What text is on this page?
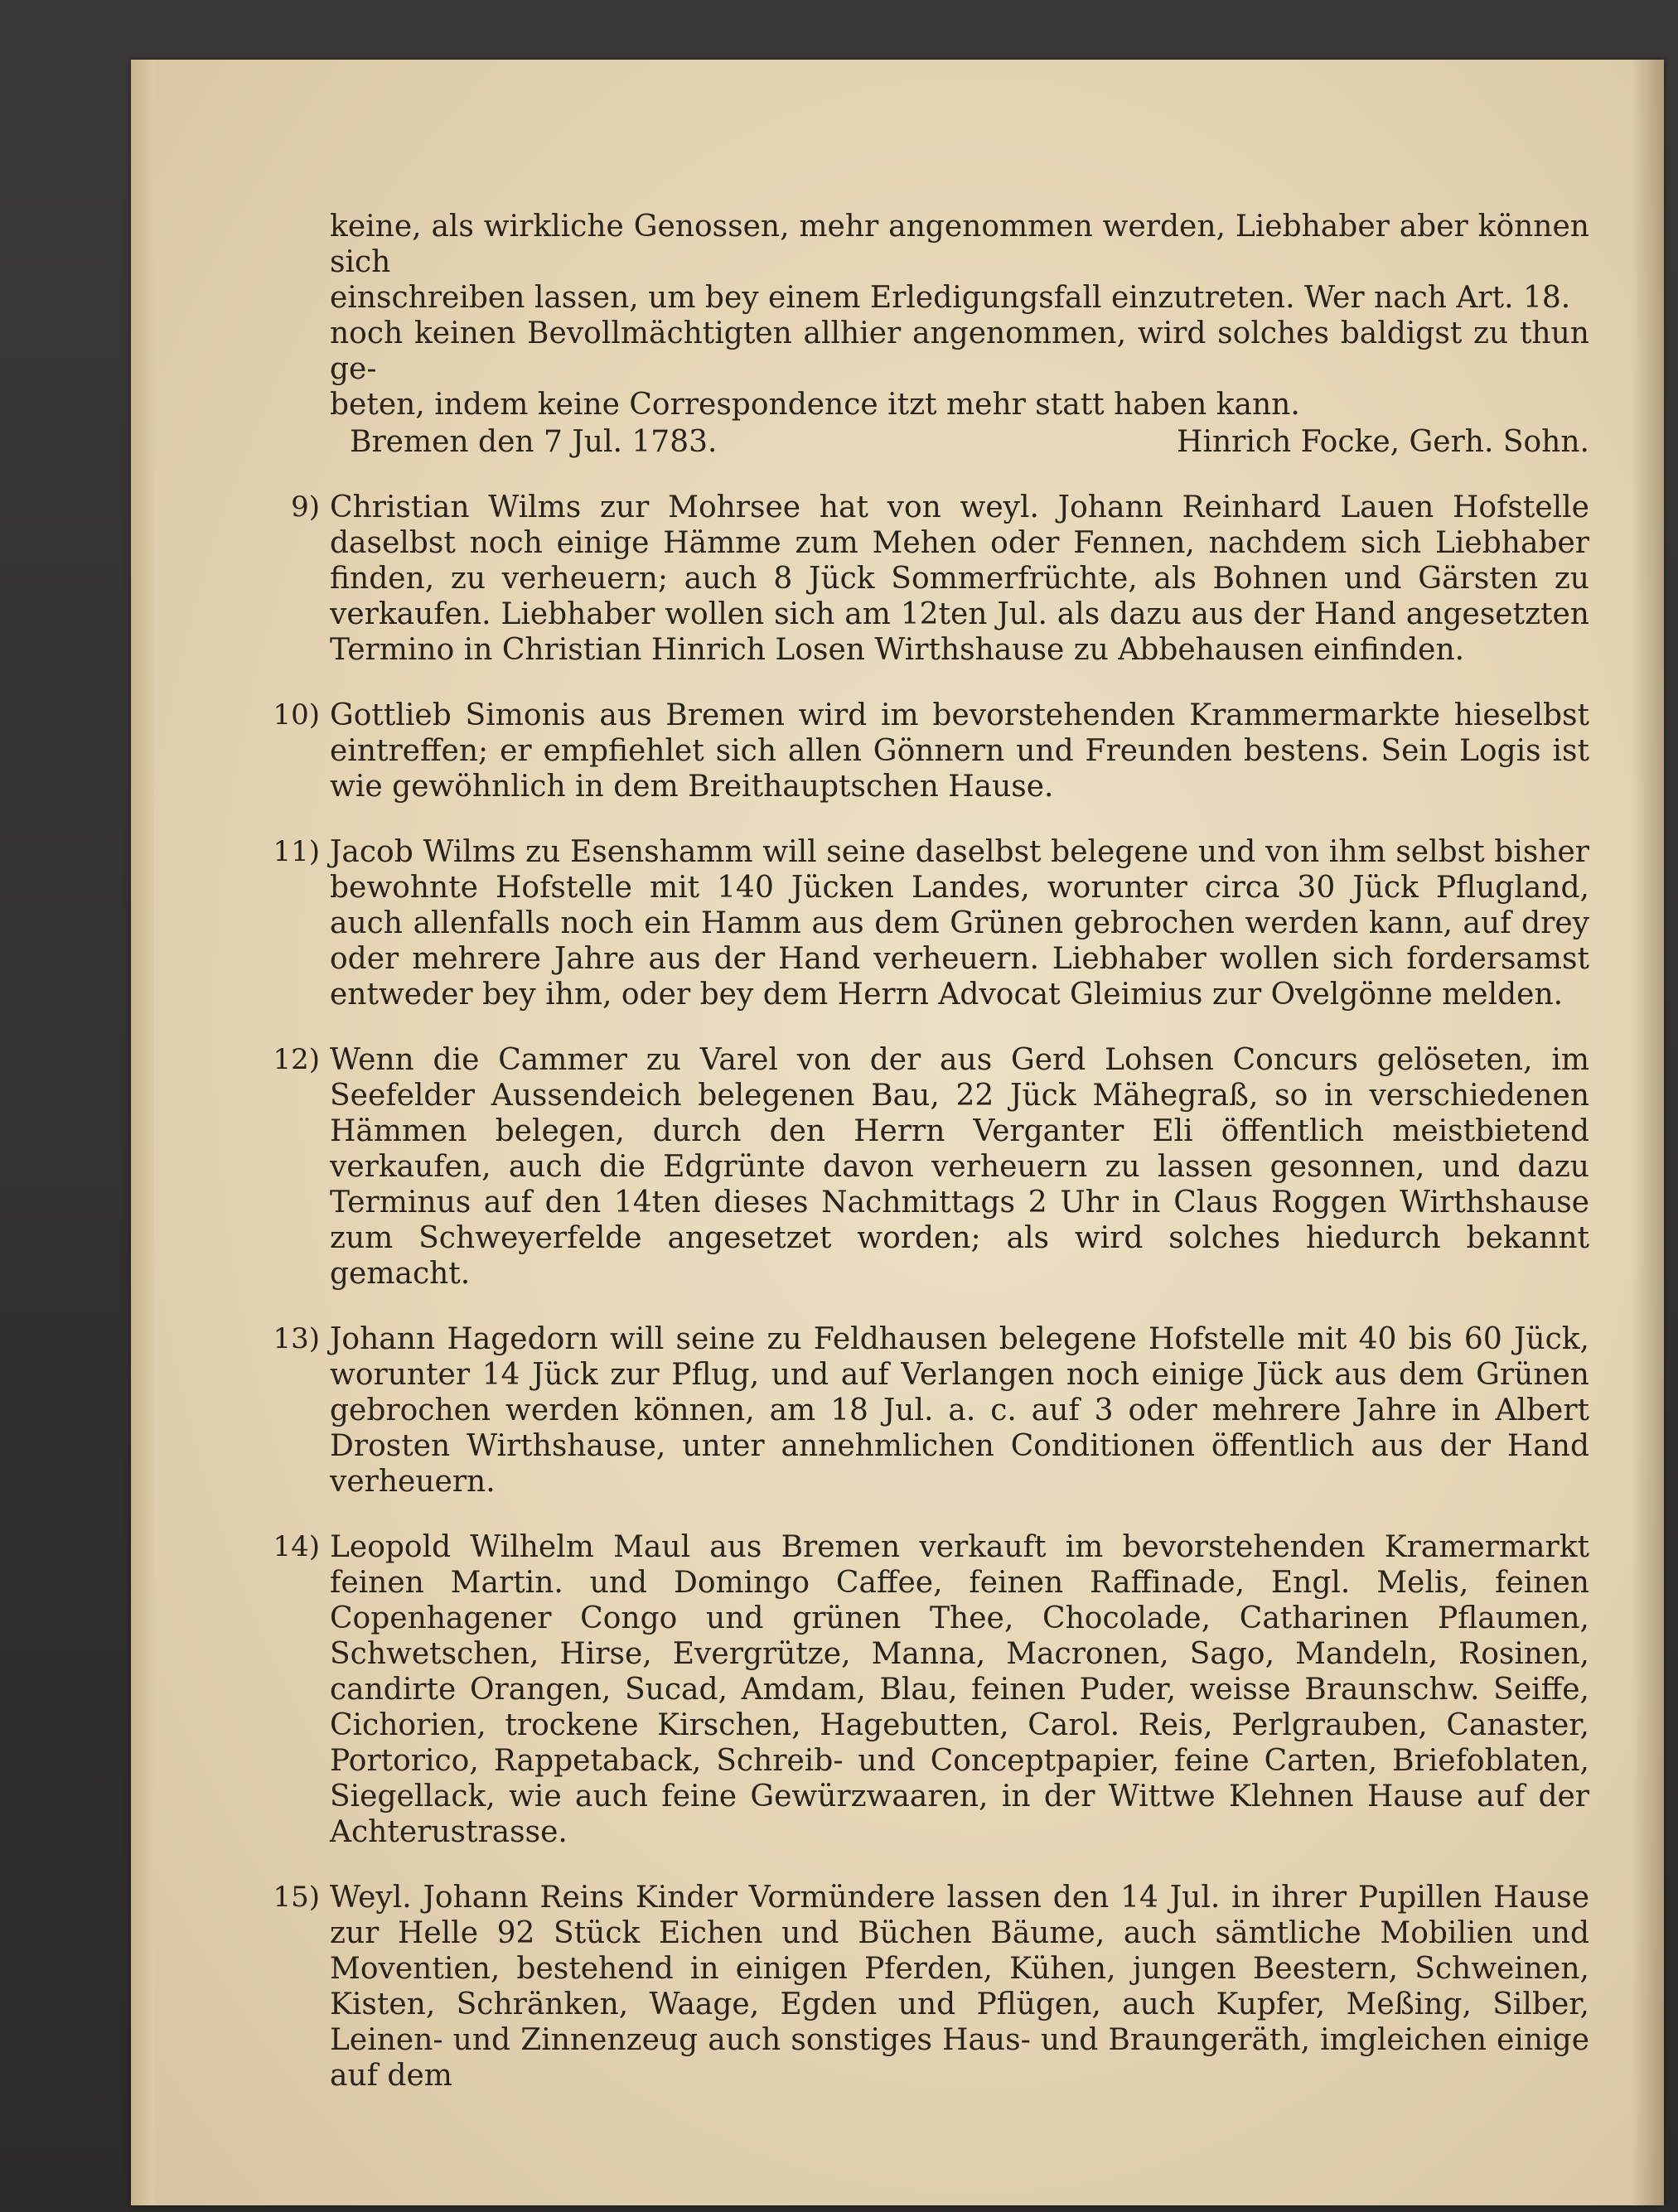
keine, als wirkliche Genossen, mehr angenommen werden, Liebhaber aber können sich
einschreiben lassen, um bey einem Erledigungsfall einzutreten. Wer nach Art. 18.
noch keinen Bevollmächtigten allhier angenommen, wird solches baldigst zu thun ge-
beten, indem keine Correspondence itzt mehr statt haben kann.
Bremen den 7 Jul. 1783.	Hinrich Focke, Gerh. Sohn.
9) Christian Wilms zur Mohrsee hat von weyl. Johann Reinhard Lauen Hofstelle daselbst noch einige Hämme zum Mehen oder Fennen, nachdem sich Liebhaber finden, zu verheuern; auch 8 Jück Sommerfrüchte, als Bohnen und Gärsten zu verkaufen. Liebhaber wollen sich am 12ten Jul. als dazu aus der Hand angesetzten Termino in Christian Hinrich Losen Wirthshause zu Abbehausen einfinden.

10) Gottlieb Simonis aus Bremen wird im bevorstehenden Krammermarkte hieselbst eintreffen; er empfiehlet sich allen Gönnern und Freunden bestens. Sein Logis ist wie gewöhnlich in dem Breithauptschen Hause.

11) Jacob Wilms zu Esenshamm will seine daselbst belegene und von ihm selbst bisher bewohnte Hofstelle mit 140 Jücken Landes, worunter circa 30 Jück Pflugland, auch allenfalls noch ein Hamm aus dem Grünen gebrochen werden kann, auf drey oder mehrere Jahre aus der Hand verheuern. Liebhaber wollen sich fordersamst entweder bey ihm, oder bey dem Herrn Advocat Gleimius zur Ovelgönne melden.

12) Wenn die Cammer zu Varel von der aus Gerd Lohsen Concurs gelöseten, im Seefelder Aussendeich belegenen Bau, 22 Jück Mähegraß, so in verschiedenen Hämmen belegen, durch den Herrn Verganter Eli öffentlich meistbietend verkaufen, auch die Edgrünte davon verheuern zu lassen gesonnen, und dazu Terminus auf den 14ten dieses Nachmittags 2 Uhr in Claus Roggen Wirthshause zum Schweyerfelde angesetzet worden; als wird solches hiedurch bekannt gemacht.

13) Johann Hagedorn will seine zu Feldhausen belegene Hofstelle mit 40 bis 60 Jück, worunter 14 Jück zur Pflug, und auf Verlangen noch einige Jück aus dem Grünen gebrochen werden können, am 18 Jul. a. c. auf 3 oder mehrere Jahre in Albert Drosten Wirthshause, unter annehmlichen Conditionen öffentlich aus der Hand verheuern.

14) Leopold Wilhelm Maul aus Bremen verkauft im bevorstehenden Kramermarkt feinen Martin. und Domingo Caffee, feinen Raffinade, Engl. Melis, feinen Copenhagener Congo und grünen Thee, Chocolade, Catharinen Pflaumen, Schwetschen, Hirse, Evergrütze, Manna, Macronen, Sago, Mandeln, Rosinen, candirte Orangen, Sucad, Amdam, Blau, feinen Puder, weisse Braunschw. Seiffe, Cichorien, trockene Kirschen, Hagebutten, Carol. Reis, Perlgrauben, Canaster, Portorico, Rappetaback, Schreib- und Conceptpapier, feine Carten, Briefoblaten, Siegellack, wie auch feine Gewürzwaaren, in der Wittwe Klehnen Hause auf der Achterustrasse.

15) Weyl. Johann Reins Kinder Vormündere lassen den 14 Jul. in ihrer Pupillen Hause zur Helle 92 Stück Eichen und Büchen Bäume, auch sämtliche Mobilien und Moventien, bestehend in einigen Pferden, Kühen, jungen Beestern, Schweinen, Kisten, Schränken, Waage, Egden und Pflügen, auch Kupfer, Meßing, Silber, Leinen- und Zinnenzeug auch sonstiges Haus- und Braungeräth, imgleichen einige auf dem
